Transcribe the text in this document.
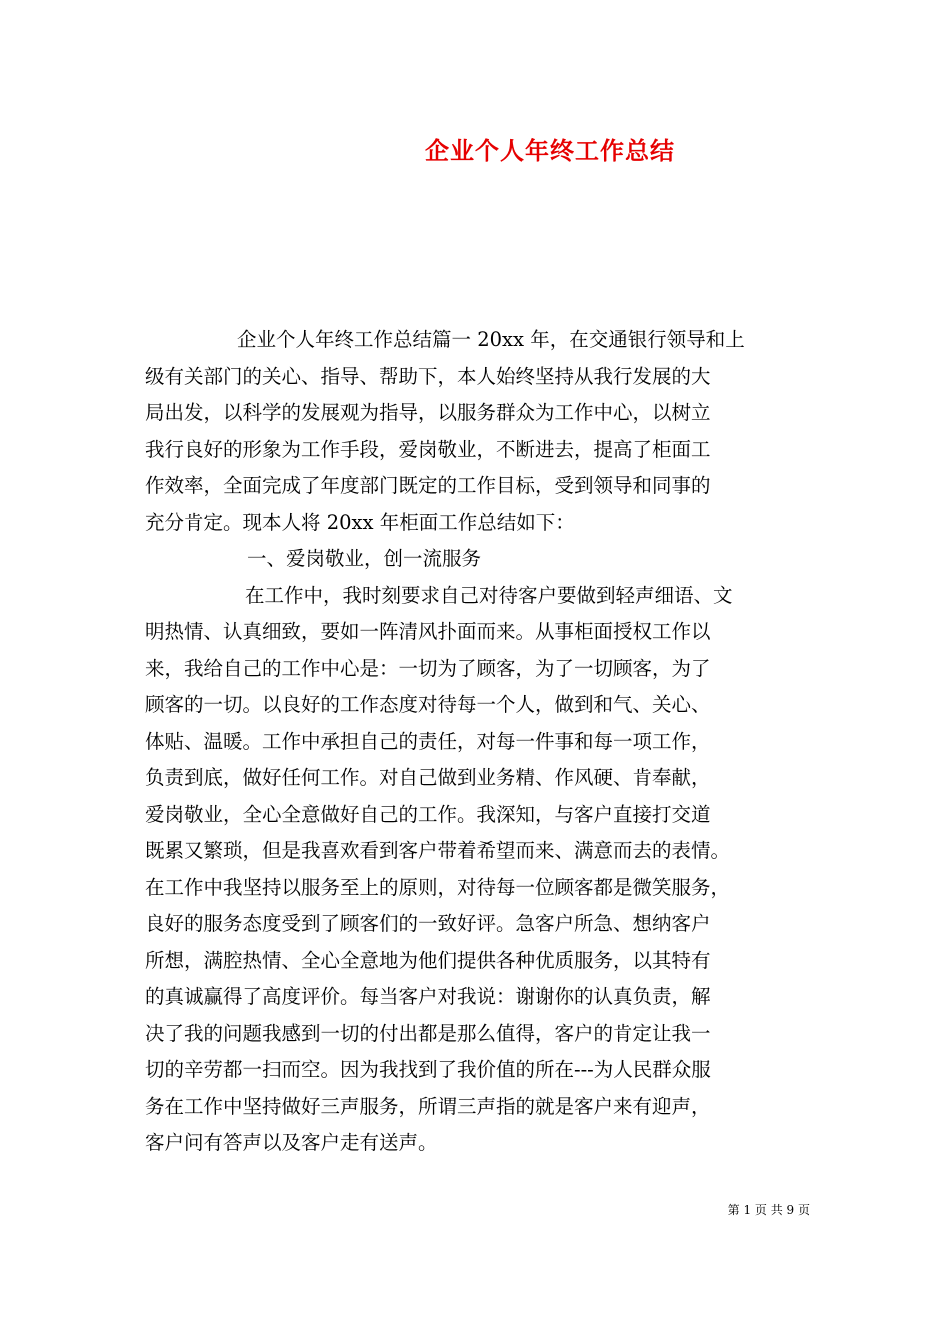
企业个人年终工作总结
企业个人年终工作总结篇一 20xx 年，在交通银行领导和上
级有关部门的关心、指导、帮助下，本人始终坚持从我行发展的大
局出发，以科学的发展观为指导，以服务群众为工作中心，以树立
我行良好的形象为工作手段，爱岗敬业，不断进去，提高了柜面工
作效率，全面完成了年度部门既定的工作目标，受到领导和同事的
充分肯定。现本人将 20xx 年柜面工作总结如下：
一、爱岗敬业，创一流服务
在工作中，我时刻要求自己对待客户要做到轻声细语、文
明热情、认真细致，要如一阵清风扑面而来。从事柜面授权工作以
来，我给自己的工作中心是：一切为了顾客，为了一切顾客，为了
顾客的一切。以良好的工作态度对待每一个人，做到和气、关心、
体贴、温暖。工作中承担自己的责任，对每一件事和每一项工作，
负责到底，做好任何工作。对自己做到业务精、作风硬、肯奉献，
爱岗敬业，全心全意做好自己的工作。我深知，与客户直接打交道
既累又繁琐，但是我喜欢看到客户带着希望而来、满意而去的表情。
在工作中我坚持以服务至上的原则，对待每一位顾客都是微笑服务，
良好的服务态度受到了顾客们的一致好评。急客户所急、想纳客户
所想，满腔热情、全心全意地为他们提供各种优质服务，以其特有
的真诚赢得了高度评价。每当客户对我说：谢谢你的认真负责，解
决了我的问题我感到一切的付出都是那么值得，客户的肯定让我一
切的辛劳都一扫而空。因为我找到了我价值的所在---为人民群众服
务在工作中坚持做好三声服务，所谓三声指的就是客户来有迎声，
客户问有答声以及客户走有送声。
第 1 页 共 9 页
